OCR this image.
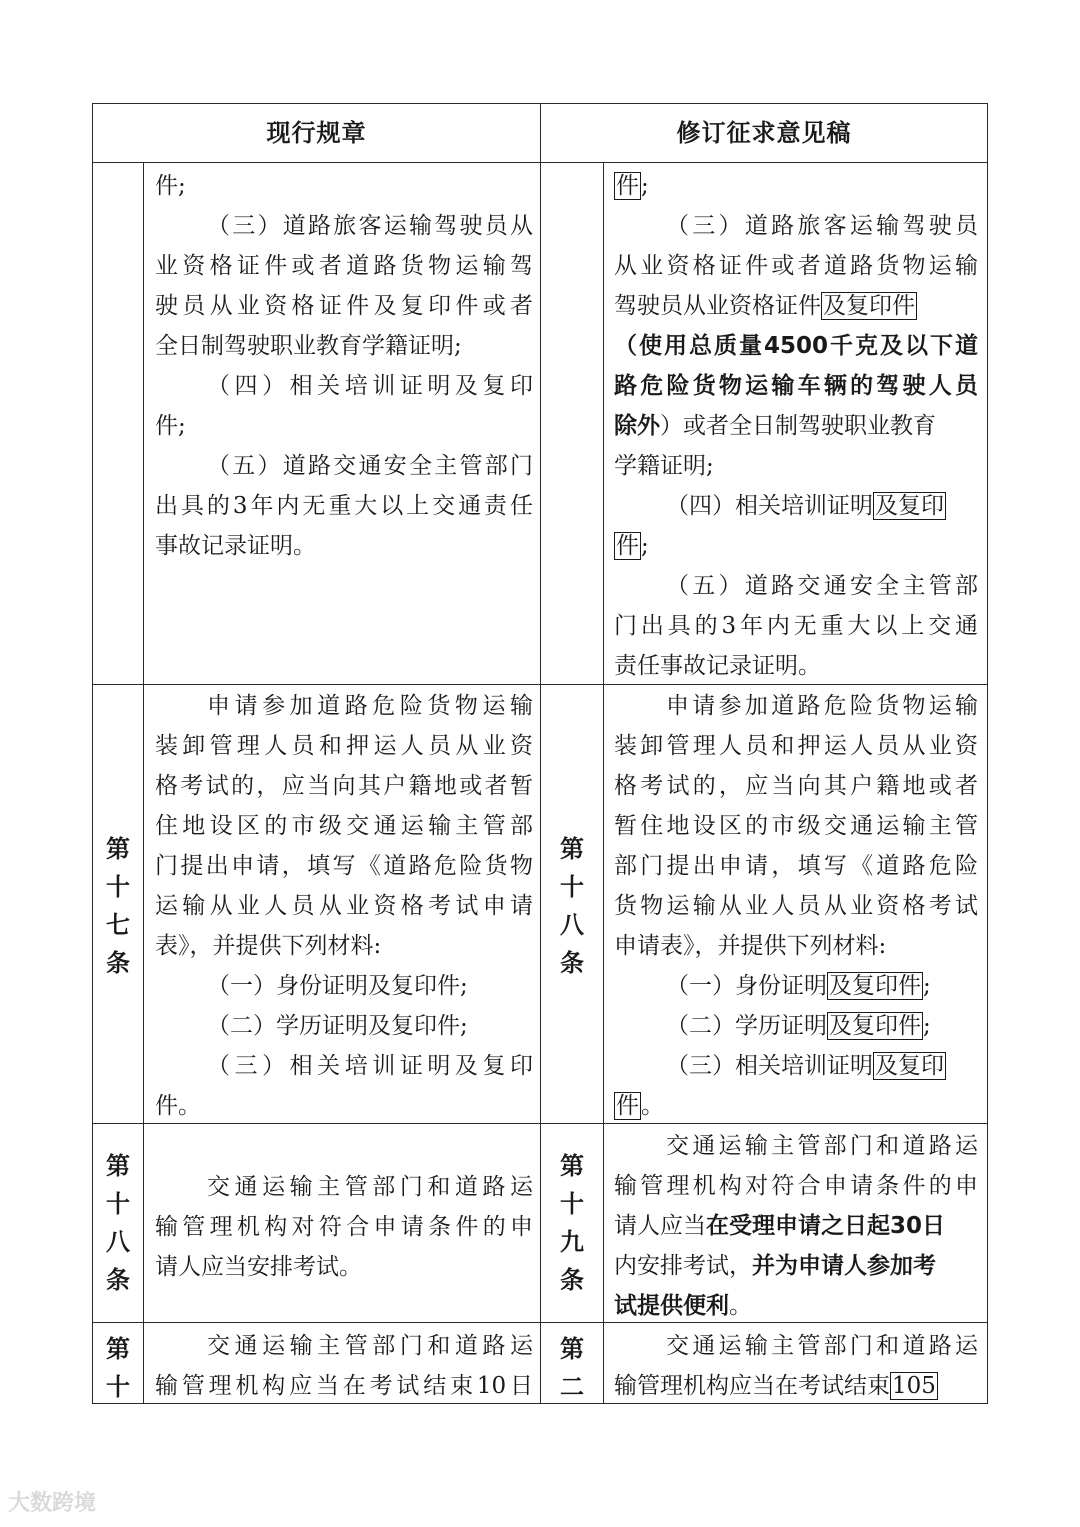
现行规章	修订征求意见稿
件;
（三）道路旅客运输驾驶员从
业资格证件或者道路货物运输驾
驶员从业资格证件及复印件或者
全日制驾驶职业教育学籍证明;
（四）相关培训证明及复印
件;
（五）道路交通安全主管部门
出具的3年内无重大以上交通责任
事故记录证明。
件;
（三）道路旅客运输驾驶员
从业资格证件或者道路货物运输
驾驶员从业资格证件及复印件
（使用总质量4500千克及以下道
路危险货物运输车辆的驾驶人员
除外）或者全日制驾驶职业教育
学籍证明;
（四）相关培训证明及复印
件;
（五）道路交通安全主管部
门出具的3年内无重大以上交通
责任事故记录证明。
第
十
七
条
第
十
八
条
申请参加道路危险货物运输
装卸管理人员和押运人员从业资
格考试的，应当向其户籍地或者暂
住地设区的市级交通运输主管部
门提出申请，填写《道路危险货物
运输从业人员从业资格考试申请
表》，并提供下列材料:
（一）身份证明及复印件;
（二）学历证明及复印件;
（三）相关培训证明及复印
件。
申请参加道路危险货物运输
装卸管理人员和押运人员从业资
格考试的，应当向其户籍地或者
暂住地设区的市级交通运输主管
部门提出申请，填写《道路危险
货物运输从业人员从业资格考试
申请表》，并提供下列材料:
（一）身份证明及复印件;
（二）学历证明及复印件;
（三）相关培训证明及复印
件。
第
十
八
条
第
十
九
条
交通运输主管部门和道路运
输管理机构对符合申请条件的申
请人应当安排考试。
交通运输主管部门和道路运
输管理机构对符合申请条件的申
请人应当在受理申请之日起30日
内安排考试，并为申请人参加考
试提供便利。
第
十
第
二
交通运输主管部门和道路运
输管理机构应当在考试结束10日
交通运输主管部门和道路运
输管理机构应当在考试结束105
大数跨境
